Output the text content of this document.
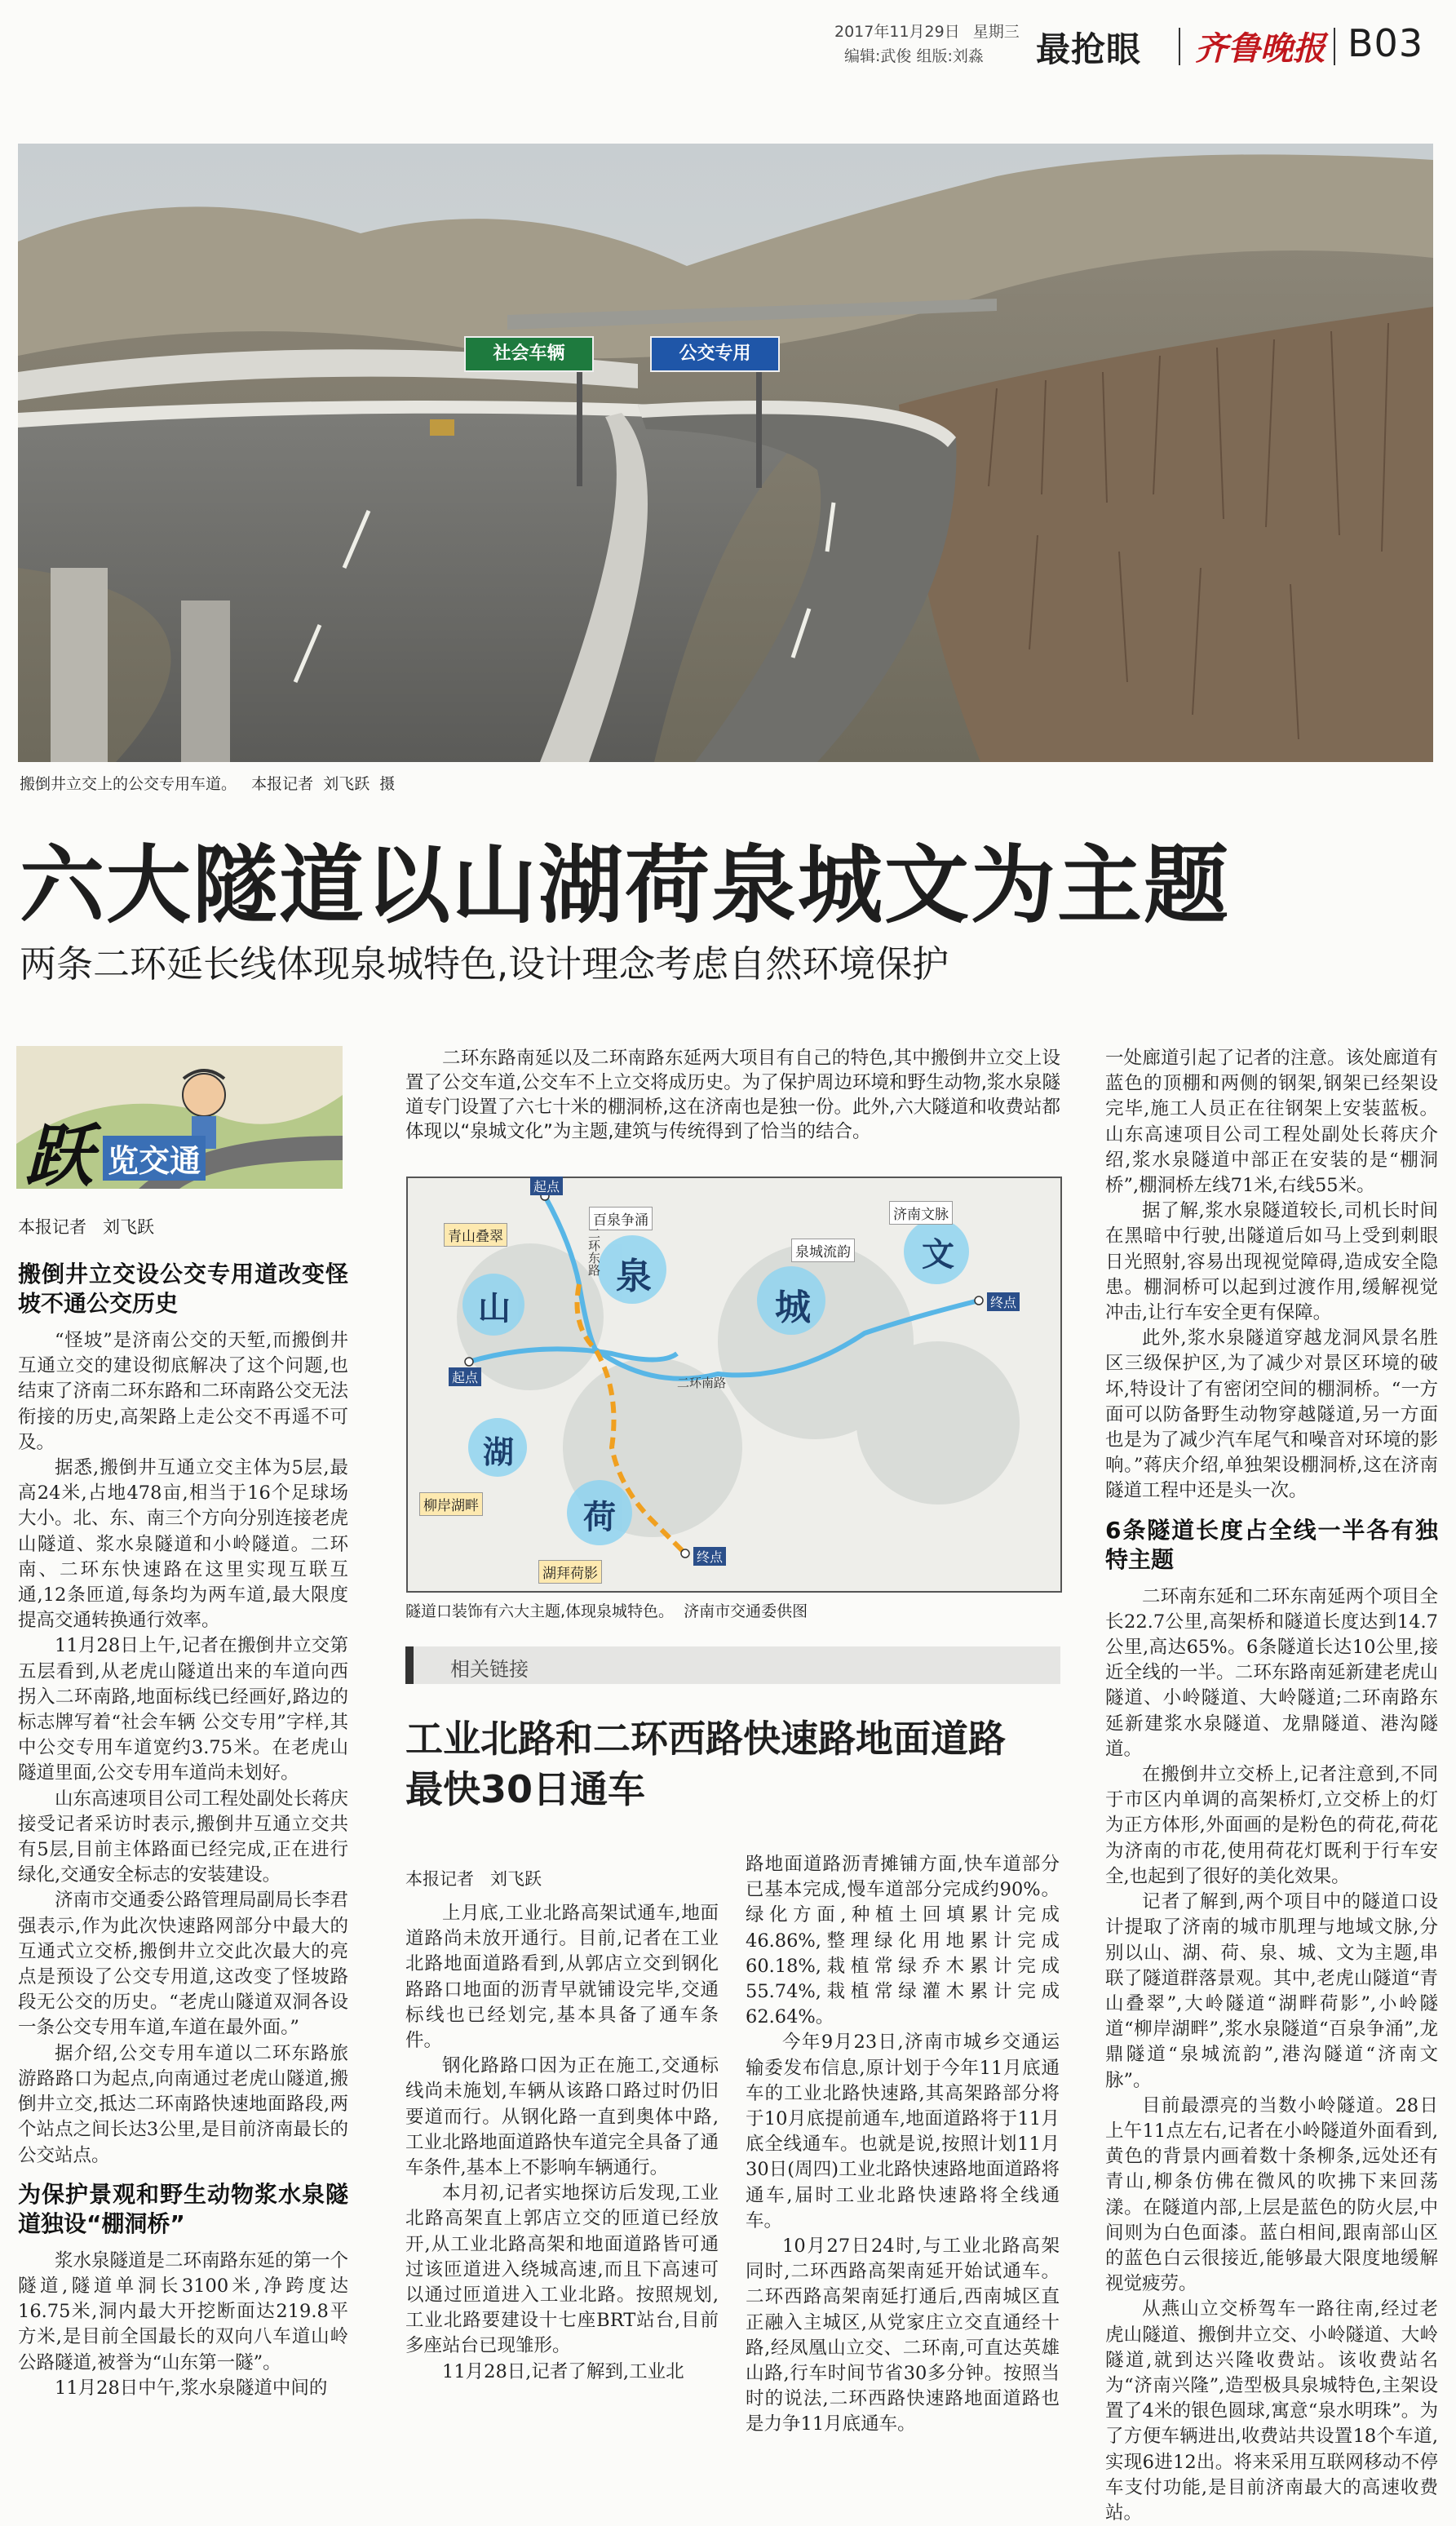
2017年11月29日 星期三
编辑:武俊 组版:刘淼 最抢眼 齐鲁晚报 B03
社会车辆	公交专用
搬倒井立交上的公交专用车道。   本报记者  刘飞跃  摄
六大隧道以山湖荷泉城文为主题
两条二环延长线体现泉城特色,设计理念考虑自然环境保护
跃 览交通
本报记者   刘飞跃

搬倒井立交设公交专用道改变怪坡不通公交历史

“怪坡”是济南公交的天堑,而搬倒井互通立交的建设彻底解决了这个问题,也结束了济南二环东路和二环南路公交无法衔接的历史,高架路上走公交不再遥不可及。

据悉,搬倒井互通立交主体为5层,最高24米,占地478亩,相当于16个足球场大小。北、东、南三个方向分别连接老虎山隧道、浆水泉隧道和小岭隧道。二环南、二环东快速路在这里实现互联互通,12条匝道,每条均为两车道,最大限度提高交通转换通行效率。

11月28日上午,记者在搬倒井立交第五层看到,从老虎山隧道出来的车道向西拐入二环南路,地面标线已经画好,路边的标志牌写着“社会车辆 公交专用”字样,其中公交专用车道宽约3.75米。在老虎山隧道里面,公交专用车道尚未划好。

山东高速项目公司工程处副处长蒋庆接受记者采访时表示,搬倒井互通立交共有5层,目前主体路面已经完成,正在进行绿化,交通安全标志的安装建设。

济南市交通委公路管理局副局长李君强表示,作为此次快速路网部分中最大的互通式立交桥,搬倒井立交此次最大的亮点是预设了公交专用道,这改变了怪坡路段无公交的历史。“老虎山隧道双洞各设一条公交专用车道,车道在最外面。”

据介绍,公交专用车道以二环东路旅游路路口为起点,向南通过老虎山隧道,搬倒井立交,抵达二环南路快速地面路段,两个站点之间长达3公里,是目前济南最长的公交站点。

为保护景观和野生动物浆水泉隧道独设“棚洞桥”

浆水泉隧道是二环南路东延的第一个隧道,隧道单洞长3100米,净跨度达16.75米,洞内最大开挖断面达219.8平方米,是目前全国最长的双向八车道山岭公路隧道,被誉为“山东第一隧”。

11月28日中午,浆水泉隧道中间的

二环东路南延以及二环南路东延两大项目有自己的特色,其中搬倒井立交上设置了公交车道,公交车不上立交将成历史。为了保护周边环境和野生动物,浆水泉隧道专门设置了六七十米的棚洞桥,这在济南也是独一份。此外,六大隧道和收费站都体现以“泉城文化”为主题,建筑与传统得到了恰当的结合。
山
泉
城
文
湖
荷
青山叠翠
百泉争涌
泉城流韵
济南文脉
柳岸湖畔
湖拜荷影
起点
终点
起点
终点
二环东路
二环南路
隧道口装饰有六大主题,体现泉城特色。  济南市交通委供图
相关链接
工业北路和二环西路快速路地面道路最快30日通车
本报记者   刘飞跃

上月底,工业北路高架试通车,地面道路尚未放开通行。目前,记者在工业北路地面道路看到,从郭店立交到钢化路路口地面的沥青早就铺设完毕,交通标线也已经划完,基本具备了通车条件。

钢化路路口因为正在施工,交通标线尚未施划,车辆从该路口路过时仍旧要道而行。从钢化路一直到奥体中路,工业北路地面道路快车道完全具备了通车条件,基本上不影响车辆通行。

本月初,记者实地探访后发现,工业北路高架直上郭店立交的匝道已经放开,从工业北路高架和地面道路皆可通过该匝道进入绕城高速,而且下高速可以通过匝道进入工业北路。按照规划,工业北路要建设十七座BRT站台,目前多座站台已现雏形。

11月28日,记者了解到,工业北

路地面道路沥青摊铺方面,快车道部分已基本完成,慢车道部分完成约90%。绿化方面,种植土回填累计完成46.86%,整理绿化用地累计完成60.18%,栽植常绿乔木累计完成55.74%,栽植常绿灌木累计完成62.64%。

今年9月23日,济南市城乡交通运输委发布信息,原计划于今年11月底通车的工业北路快速路,其高架路部分将于10月底提前通车,地面道路将于11月底全线通车。也就是说,按照计划11月30日(周四)工业北路快速路地面道路将通车,届时工业北路快速路将全线通车。

10月27日24时,与工业北路高架同时,二环西路高架南延开始试通车。二环西路高架南延打通后,西南城区直正融入主城区,从党家庄立交直通经十路,经凤凰山立交、二环南,可直达英雄山路,行车时间节省30多分钟。按照当时的说法,二环西路快速路地面道路也是力争11月底通车。

一处廊道引起了记者的注意。该处廊道有蓝色的顶棚和两侧的钢架,钢架已经架设完毕,施工人员正在往钢架上安装蓝板。山东高速项目公司工程处副处长蒋庆介绍,浆水泉隧道中部正在安装的是“棚洞桥”,棚洞桥左线71米,右线55米。

据了解,浆水泉隧道较长,司机长时间在黑暗中行驶,出隧道后如马上受到刺眼日光照射,容易出现视觉障碍,造成安全隐患。棚洞桥可以起到过渡作用,缓解视觉冲击,让行车安全更有保障。

此外,浆水泉隧道穿越龙洞风景名胜区三级保护区,为了减少对景区环境的破坏,特设计了有密闭空间的棚洞桥。“一方面可以防备野生动物穿越隧道,另一方面也是为了减少汽车尾气和噪音对环境的影响。”蒋庆介绍,单独架设棚洞桥,这在济南隧道工程中还是头一次。

6条隧道长度占全线一半各有独特主题

二环南东延和二环东南延两个项目全长22.7公里,高架桥和隧道长度达到14.7公里,高达65%。6条隧道长达10公里,接近全线的一半。二环东路南延新建老虎山隧道、小岭隧道、大岭隧道;二环南路东延新建浆水泉隧道、龙鼎隧道、港沟隧道。

在搬倒井立交桥上,记者注意到,不同于市区内单调的高架桥灯,立交桥上的灯为正方体形,外面画的是粉色的荷花,荷花为济南的市花,使用荷花灯既利于行车安全,也起到了很好的美化效果。

记者了解到,两个项目中的隧道口设计提取了济南的城市肌理与地域文脉,分别以山、湖、荷、泉、城、文为主题,串联了隧道群落景观。其中,老虎山隧道“青山叠翠”,大岭隧道“湖畔荷影”,小岭隧道“柳岸湖畔”,浆水泉隧道“百泉争涌”,龙鼎隧道“泉城流韵”,港沟隧道“济南文脉”。

目前最漂亮的当数小岭隧道。28日上午11点左右,记者在小岭隧道外面看到,黄色的背景内画着数十条柳条,远处还有青山,柳条仿佛在微风的吹拂下来回荡漾。在隧道内部,上层是蓝色的防火层,中间则为白色面漆。蓝白相间,跟南部山区的蓝色白云很接近,能够最大限度地缓解视觉疲劳。

从燕山立交桥驾车一路往南,经过老虎山隧道、搬倒井立交、小岭隧道、大岭隧道,就到达兴隆收费站。该收费站名为“济南兴隆”,造型极具泉城特色,主架设置了4米的银色圆球,寓意“泉水明珠”。为了方便车辆进出,收费站共设置18个车道,实现6进12出。将来采用互联网移动不停车支付功能,是目前济南最大的高速收费站。
